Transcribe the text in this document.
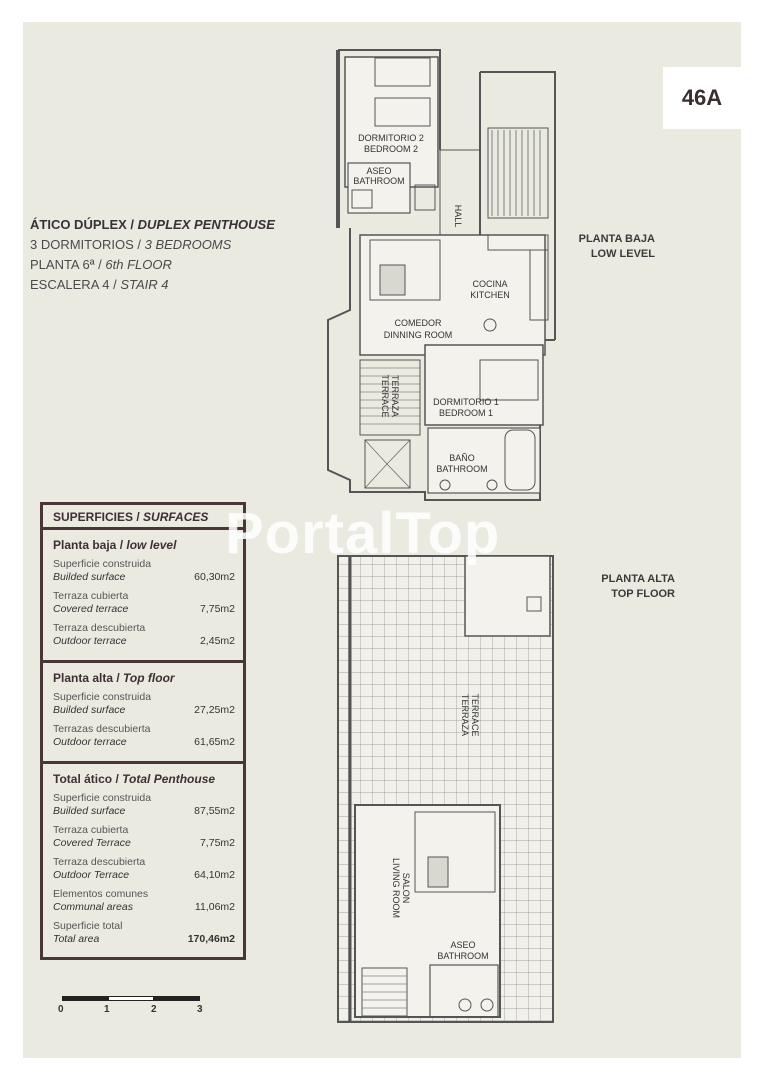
DORMITORIO 2
BEDROOM 2
ASEO
BATHROOM
HALL
COCINA
KITCHEN
COMEDOR
DINNING ROOM
TERRAZA
TERRACE	DORMITORIO 1
BEDROOM 1
BAÑO
BATHROOM
TERRAZA TERRACE
SALON
LIVING ROOM
ASEO
BATHROOM
46A
ÁTICO DÚPLEX / DUPLEX PENTHOUSE
3 DORMITORIOS / 3 BEDROOMS
PLANTA 6ª / 6th FLOOR
ESCALERA 4 / STAIR 4
PLANTA BAJA
LOW LEVEL
PLANTA ALTA
TOP FLOOR
SUPERFICIES / SURFACES
Planta baja / low level
Superficie construida
Builded surface	60,30m2
Terraza cubierta
Covered terrace	7,75m2
Terraza descubierta
Outdoor terrace	2,45m2
Planta alta / Top floor
Superficie construida
Builded surface	27,25m2
Terrazas descubierta
Outdoor terrace	61,65m2
Total ático / Total Penthouse
Superficie construida
Builded surface	87,55m2
Terraza cubierta
Covered Terrace	7,75m2
Terraza descubierta
Outdoor Terrace	64,10m2
Elementos comunes
Communal areas	11,06m2
Superficie total
Total area	170,46m2
PortalTop
0	1	2	3
